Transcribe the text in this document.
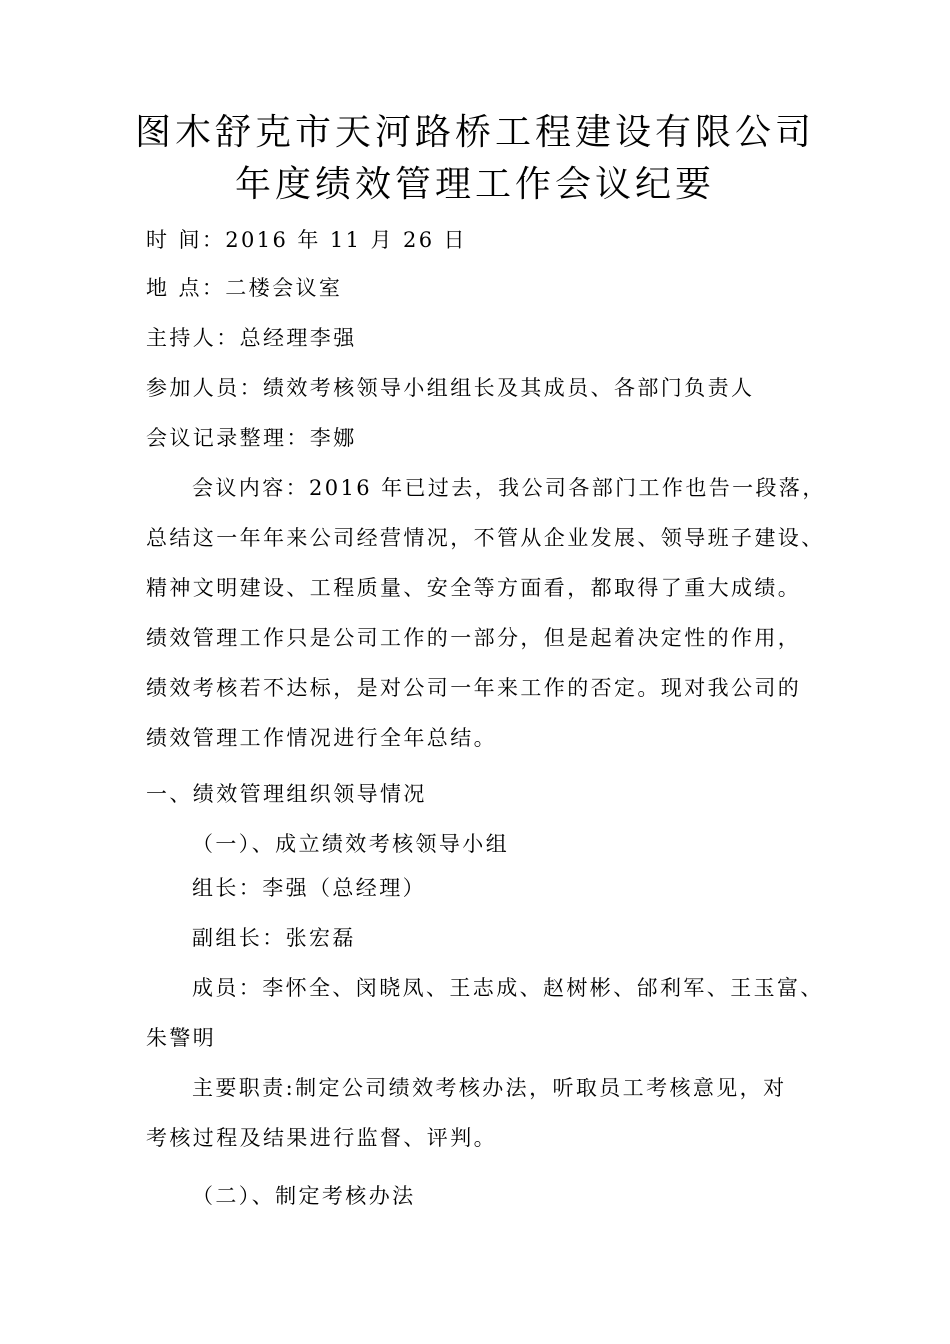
图木舒克市天河路桥工程建设有限公司
年度绩效管理工作会议纪要
时 间：2016 年 11 月 26 日
地 点：二楼会议室
主持人：总经理李强
参加人员：绩效考核领导小组组长及其成员、各部门负责人
会议记录整理：李娜
会议内容：2016 年已过去，我公司各部门工作也告一段落，
总结这一年年来公司经营情况，不管从企业发展、领导班子建设、
精神文明建设、工程质量、安全等方面看，都取得了重大成绩。
绩效管理工作只是公司工作的一部分，但是起着决定性的作用，
绩效考核若不达标，是对公司一年来工作的否定。现对我公司的
绩效管理工作情况进行全年总结。
一、绩效管理组织领导情况
（一）、成立绩效考核领导小组
组长：李强（总经理）
副组长：张宏磊
成员：李怀全、闵晓凤、王志成、赵树彬、邰利军、王玉富、
朱警明
主要职责:制定公司绩效考核办法，听取员工考核意见，对
考核过程及结果进行监督、评判。
（二）、制定考核办法
